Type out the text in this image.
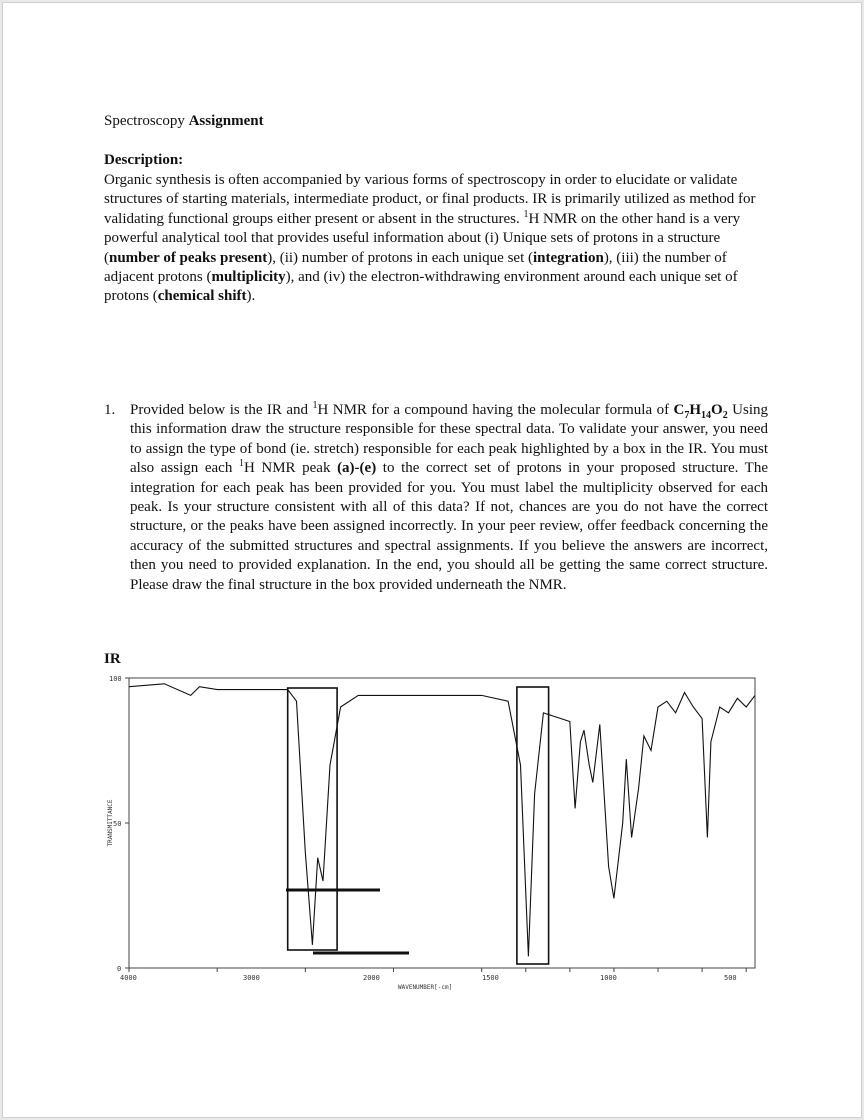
Spectroscopy Assignment
Description:
Organic synthesis is often accompanied by various forms of spectroscopy in order to elucidate or validate structures of starting materials, intermediate product, or final products. IR is primarily utilized as method for validating functional groups either present or absent in the structures. $^1$H NMR on the other hand is a very powerful analytical tool that provides useful information about (i) Unique sets of protons in a structure (number of peaks present), (ii) number of protons in each unique set (integration), (iii) the number of adjacent protons (multiplicity), and (iv) the electron-withdrawing environment around each unique set of protons (chemical shift).
1. Provided below is the IR and $^1$H NMR for a compound having the molecular formula of $C_7H_{14}O_2$ Using this information draw the structure responsible for these spectral data. To validate your answer, you need to assign the type of bond (ie. stretch) responsible for each peak highlighted by a box in the IR. You must also assign each $^1$H NMR peak (a)-(e) to the correct set of protons in your proposed structure. The integration for each peak has been provided for you. You must label the multiplicity observed for each peak. Is your structure consistent with all of this data? If not, chances are you do not have the correct structure, or the peaks have been assigned incorrectly. In your peer review, offer feedback concerning the accuracy of the submitted structures and spectral assignments. If you believe the answers are incorrect, then you need to provided explanation. In the end, you should all be getting the same correct structure. Please draw the final structure in the box provided underneath the NMR.
IR
100
50
0
TRANSMITTANCE
4000	3000	2000	1500	1000	500
WAVENUMBER[-cm]
